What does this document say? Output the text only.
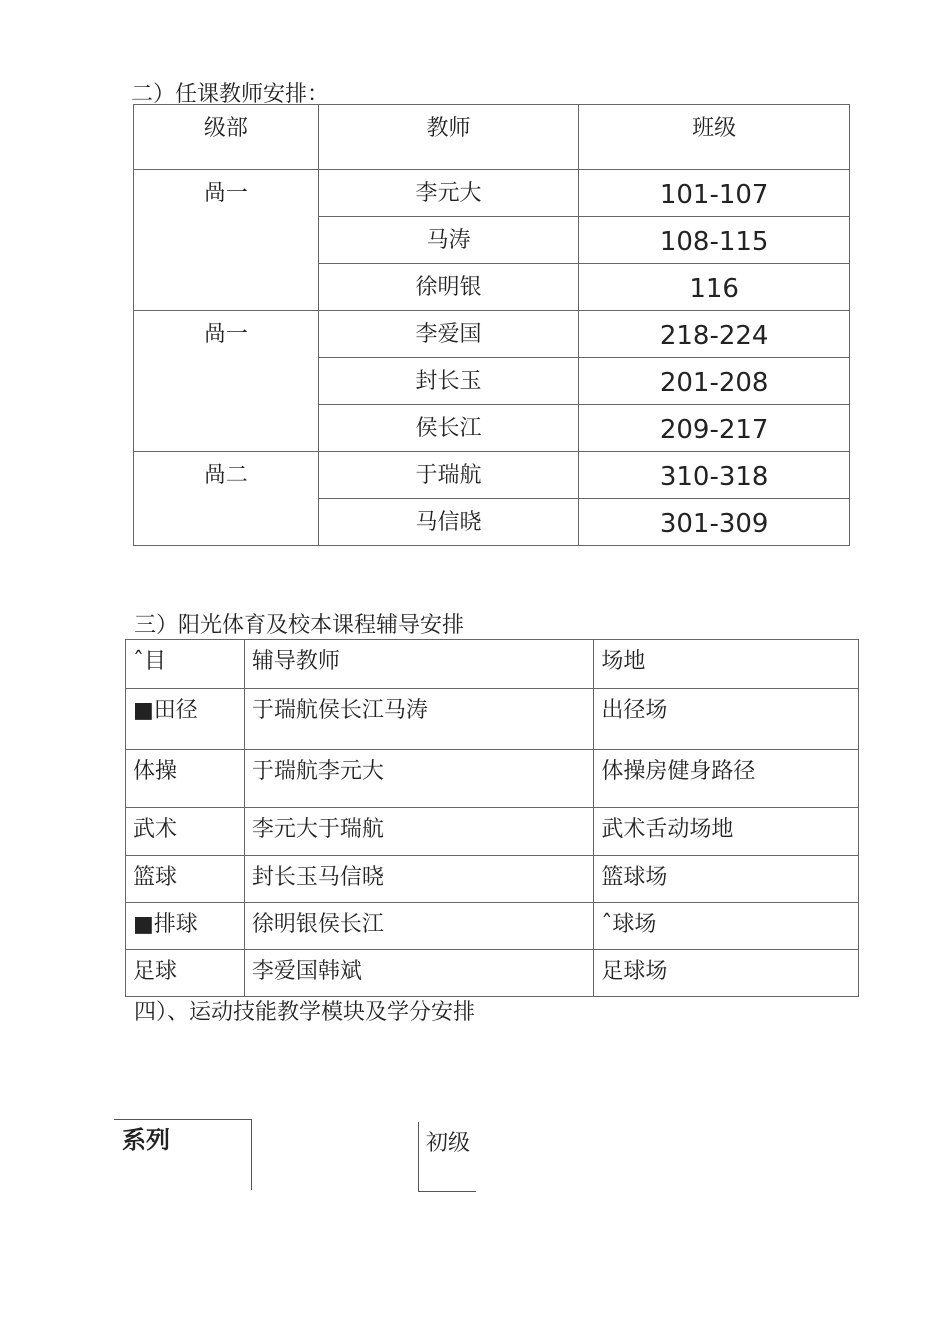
二）任课教师安排：
级部	教师	班级
咼一	李元大	101-107
	马涛	108-115
	徐明银	116
咼一	李爱国	218-224
	封长玉	201-208
	侯长江	209-217
咼二	于瑞航	310-318
	马信晓	301-309
三）阳光体育及校本课程辅导安排
ˆ目	辅导教师	场地
■田径	于瑞航侯长江马涛	出径场
体操	于瑞航李元大	体操房健身路径
武术	李元大于瑞航	武术舌动场地
篮球	封长玉马信晓	篮球场
■排球	徐明银侯长江	ˆ球场
足球	李爱国韩斌	足球场
四）、运动技能教学模块及学分安排
系列	初级
